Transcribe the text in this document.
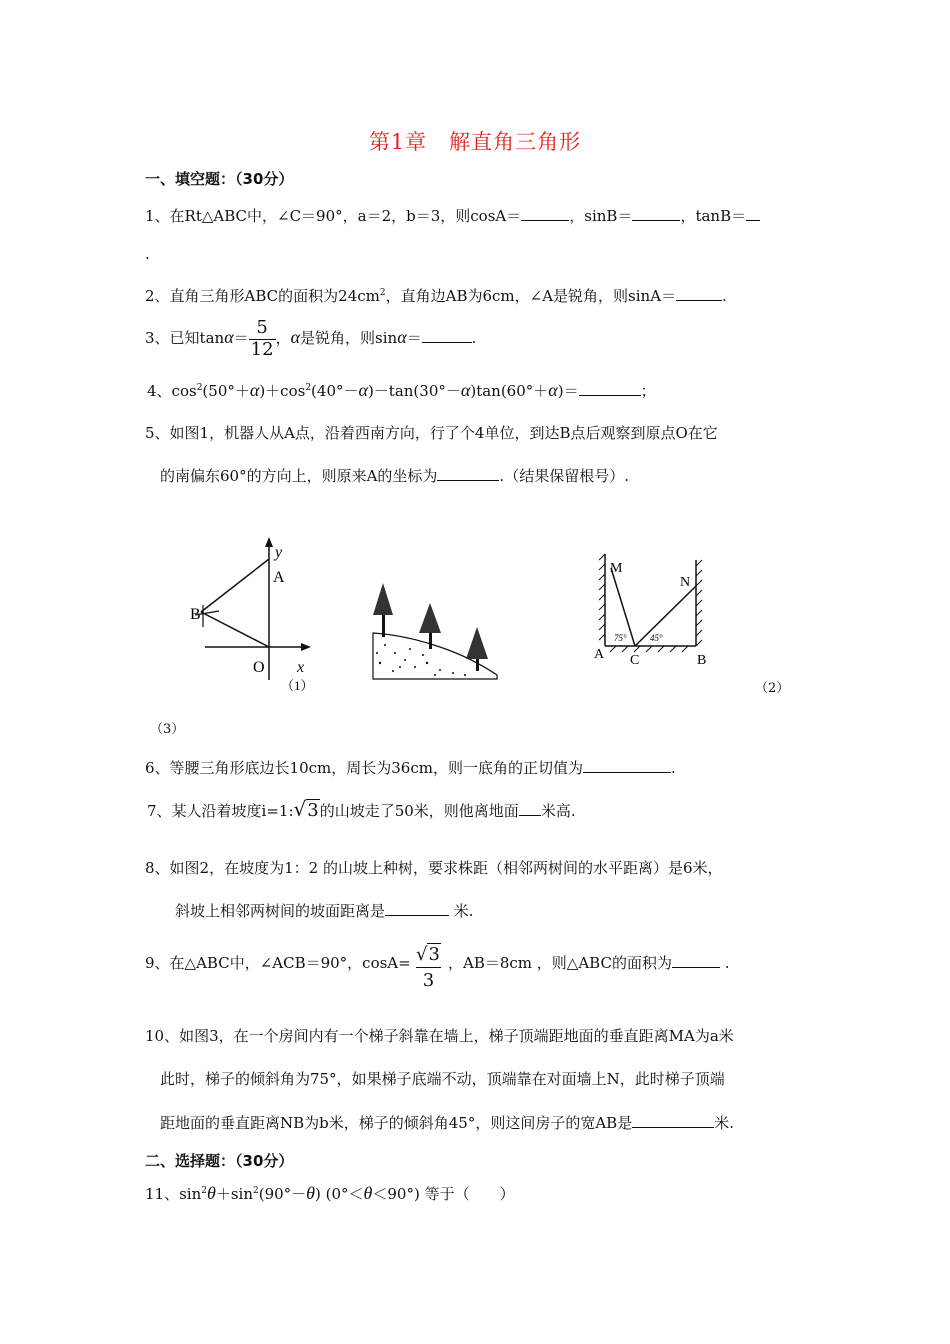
第1章　解直角三角形
一、填空题：（30分）
1、在Rt△ABC中，∠C＝90°，a＝2，b＝3，则cosA＝	，sinB＝	，tanB＝
.
2、直角三角形ABC的面积为$24cm^2$，直角边AB为6cm，∠A是锐角，则sinA＝	.
3、已知$\tan\alpha= \frac{5}{12}$ ，α是锐角，则sinα＝	.
4、$\cos^2(50^\circ+\alpha)+\cos^2(40^\circ-\alpha)-\tan(30^\circ-\alpha)\tan(60^\circ+\alpha)=$	；
5、如图1，机器人从A点，沿着西南方向，行了个4单位，到达B点后观察到原点O在它
的南偏东60°的方向上，则原来A的坐标为	.（结果保留根号）.
y
A
B
O x
（1）
M
N
75°	45°
A C	B
（2）
（3）
6、等腰三角形底边长10cm，周长为36cm，则一底角的正切值为	.
7、某人沿着坡度i=1:√3的山坡走了50米，则他离地面 米高.
8、如图2，在坡度为1：2 的山坡上种树，要求株距（相邻两树间的水平距离）是6米，
斜坡上相邻两树间的坡面距离是	米.
9、在△ABC中，∠ACB＝90°，cosA= √3
3
，AB＝8cm ，则△ABC的面积为	.
10、如图3，在一个房间内有一个梯子斜靠在墙上，梯子顶端距地面的垂直距离MA为a米
此时，梯子的倾斜角为75°，如果梯子底端不动，顶端靠在对面墙上N，此时梯子顶端
距地面的垂直距离NB为b米，梯子的倾斜角45°，则这间房子的宽AB是	米.
二、选择题：（30分）
11、$\sin^2\theta+\sin^2(90^\circ-\theta)$ (0°＜θ＜90°) 等于（　　）
